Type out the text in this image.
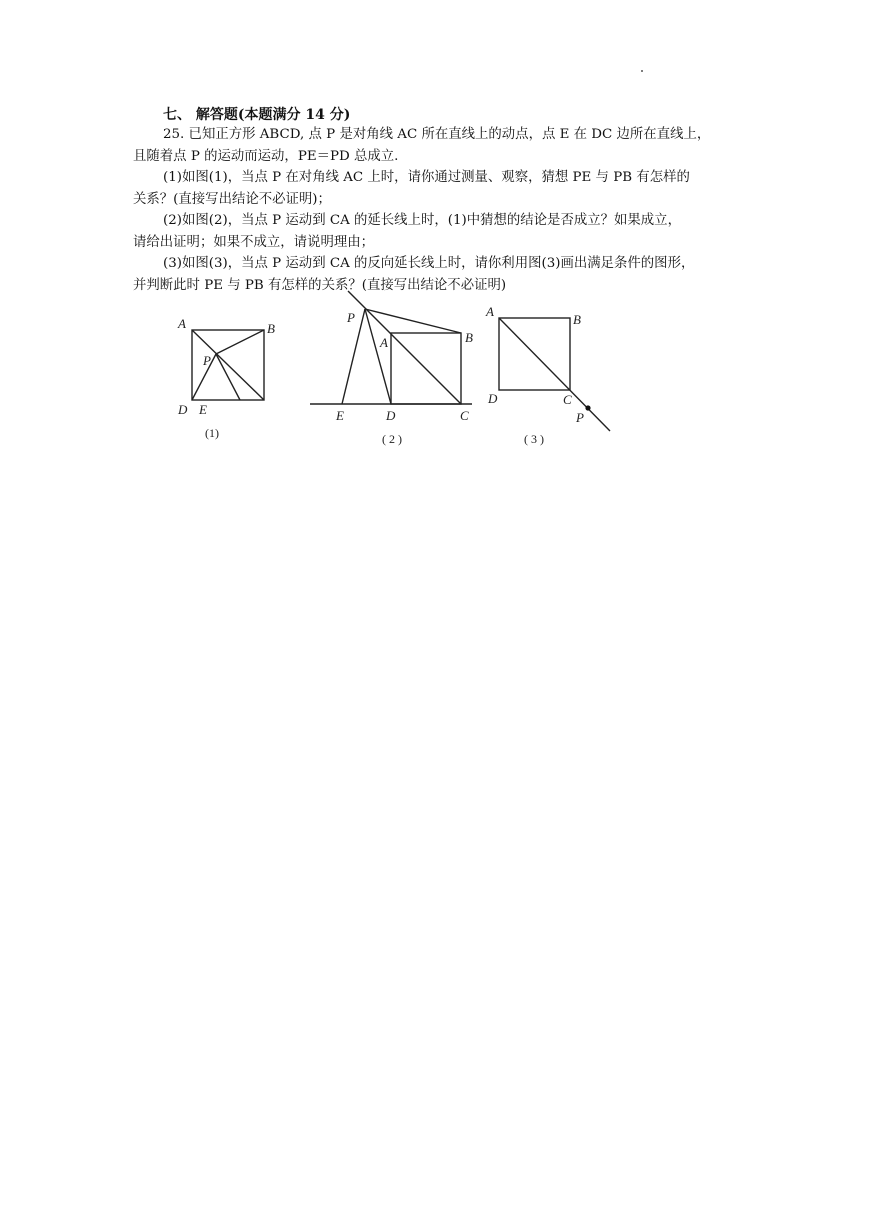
七、 解答题(本题满分 14 分)
25. 已知正方形 ABCD, 点 P 是对角线 AC 所在直线上的动点，点 E 在 DC 边所在直线上，
且随着点 P 的运动而运动，PE＝PD 总成立.
(1)如图(1)，当点 P 在对角线 AC 上时，请你通过测量、观察，猜想 PE 与 PB 有怎样的
关系？(直接写出结论不必证明)；
(2)如图(2)，当点 P 运动到 CA 的延长线上时，(1)中猜想的结论是否成立？如果成立，
请给出证明；如果不成立，请说明理由；
(3)如图(3)，当点 P 运动到 CA 的反向延长线上时，请你利用图(3)画出满足条件的图形，
并判断此时 PE 与 PB 有怎样的关系？(直接写出结论不必证明)
A	B
P
D E
(1)
P
A	B
E	D	C
( 2 )
A
B
D	C
P
( 3 )
